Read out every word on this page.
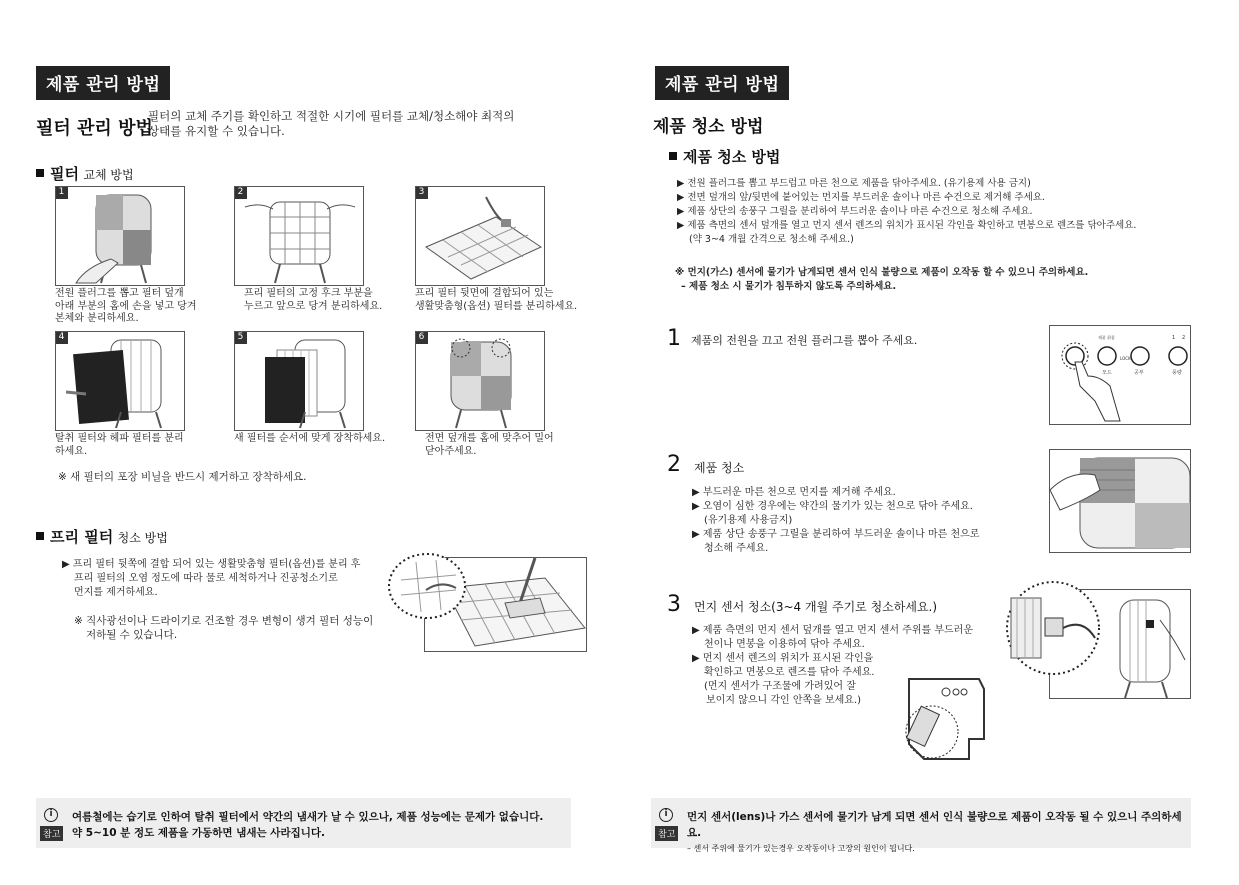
제품 관리 방법
필터 관리 방법
필터의 교체 주기를 확인하고 적절한 시기에 필터를 교체/청소해야 최적의
상태를 유지할 수 있습니다.
필터 교체 방법
1
전원 플러그를 뽑고 필터 덮개
아래 부분의 홈에 손을 넣고 당겨
본체와 분리하세요.
2
프리 필터의 고정 후크 부분을
누르고 앞으로 당겨 분리하세요.
3
프리 필터 뒷면에 결합되어 있는
생활맞춤형(옵션) 필터를 분리하세요.
4
탈취 필터와 헤파 필터를 분리
하세요.
5
새 필터를 순서에 맞게 장착하세요.
6
전면 덮개를 홈에 맞추어 밀어
닫아주세요.
※ 새 필터의 포장 비닐을 반드시 제거하고 장착하세요.
프리 필터 청소 방법
▶ 프리 필터 뒷쪽에 결합 되어 있는 생활맞춤형 필터(옵션)를 분리 후
프리 필터의 오염 정도에 따라 물로 세척하거나 진공청소기로
먼지를 제거하세요.
※ 직사광선이나 드라이기로 건조할 경우 변형이 생겨 필터 성능이
저하될 수 있습니다.
i
참고
여름철에는 습기로 인하여 탈취 필터에서 약간의 냄새가 날 수 있으나, 제품 성능에는 문제가 없습니다.
약 5~10 분 정도 제품을 가동하면 냄새는 사라집니다.
제품 관리 방법
제품 청소 방법
제품 청소 방법
▶ 전원 플러그를 뽑고 부드럽고 마른 천으로 제품을 닦아주세요. (유기용제 사용 금지)
▶ 전면 덮개의 앞/뒷면에 붙어있는 먼지를 부드러운 솔이나 마른 수건으로 제거해 주세요.
▶ 제품 상단의 송풍구 그릴을 분리하여 부드러운 솔이나 마른 수건으로 청소해 주세요.
▶ 제품 측면의 센서 덮개를 열고 먼지 센서 렌즈의 위치가 표시된 각인을 확인하고 면봉으로 렌즈를 닦아주세요.
(약 3~4 개월 간격으로 청소해 주세요.)
※ 먼지(가스) 센서에 물기가 남게되면 센서 인식 불량으로 제품이 오작동 할 수 있으니 주의하세요.
– 제품 청소 시 물기가 침투하지 않도록 주의하세요.
1 제품의 전원을 끄고 전원 플러그를 뽑아 주세요.	제품 취침	1 2
LOCK
모드	공부	풍량
2 제품 청소
▶ 부드러운 마른 천으로 먼지를 제거해 주세요.
▶ 오염이 심한 경우에는 약간의 물기가 있는 천으로 닦아 주세요.
(유기용제 사용금지)
▶ 제품 상단 송풍구 그릴을 분리하여 부드러운 솔이나 마른 천으로
청소해 주세요.
3 먼지 센서 청소(3~4 개월 주기로 청소하세요.)
▶ 제품 측면의 먼지 센서 덮개를 열고 먼지 센서 주위를 부드러운
천이나 면봉을 이용하여 닦아 주세요.
▶ 먼지 센서 렌즈의 위치가 표시된 각인을
확인하고 면봉으로 렌즈를 닦아 주세요.
(먼지 센서가 구조물에 가려있어 잘
보이지 않으니 각인 안쪽을 보세요.)
i
참고
먼지 센서(lens)나 가스 센서에 물기가 남게 되면 센서 인식 불량으로 제품이 오작동 될 수 있으니 주의하세요.
– 센서 주위에 물기가 있는경우 오작동이나 고장의 원인이 됩니다.
